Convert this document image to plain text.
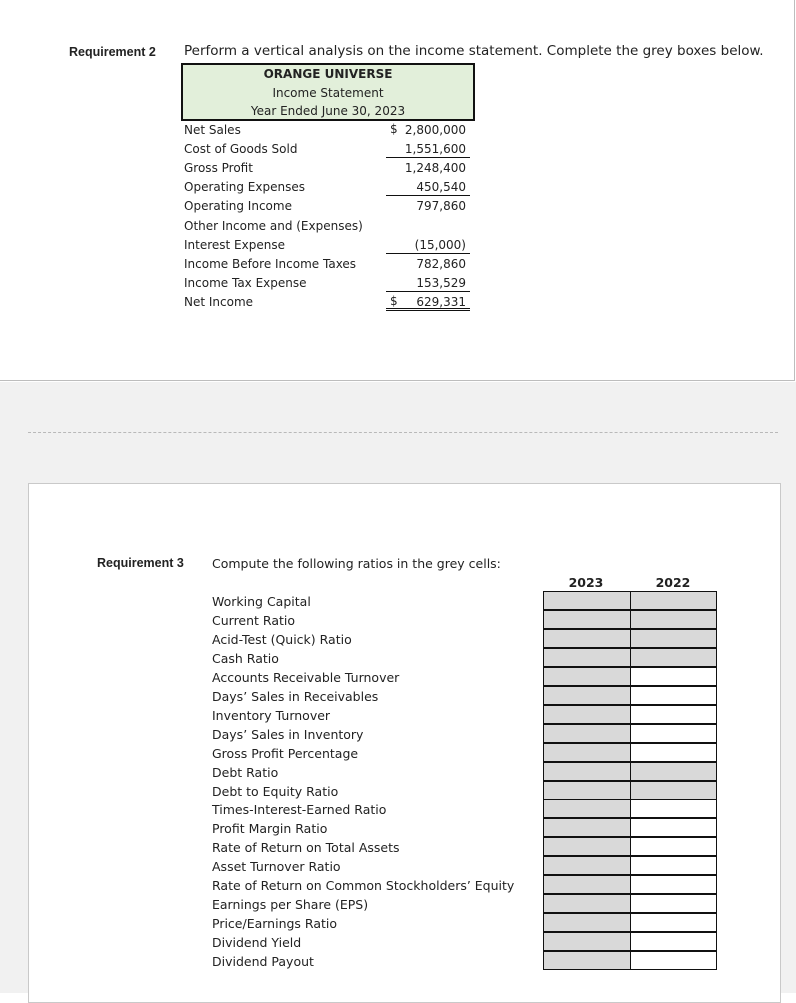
Requirement 2 Perform a vertical analysis on the income statement. Complete the grey boxes below.
ORANGE UNIVERSE
Income Statement
Year Ended June 30, 2023
Net Sales	2,800,000
Cost of Goods Sold	1,551,600
Gross Profit	1,248,400
Operating Expenses	450,540
Operating Income	797,860
Other Income and (Expenses)
Interest Expense	(15,000)
Income Before Income Taxes	782,860
Income Tax Expense	153,529
Net Income	629,331
$
$
Requirement 3 Compute the following ratios in the grey cells:
2023	2022
Working Capital
Current Ratio
Acid-Test (Quick) Ratio
Cash Ratio
Accounts Receivable Turnover
Days’ Sales in Receivables
Inventory Turnover
Days’ Sales in Inventory
Gross Profit Percentage
Debt Ratio
Debt to Equity Ratio
Times-Interest-Earned Ratio
Profit Margin Ratio
Rate of Return on Total Assets
Asset Turnover Ratio
Rate of Return on Common Stockholders’ Equity
Earnings per Share (EPS)
Price/Earnings Ratio
Dividend Yield
Dividend Payout
